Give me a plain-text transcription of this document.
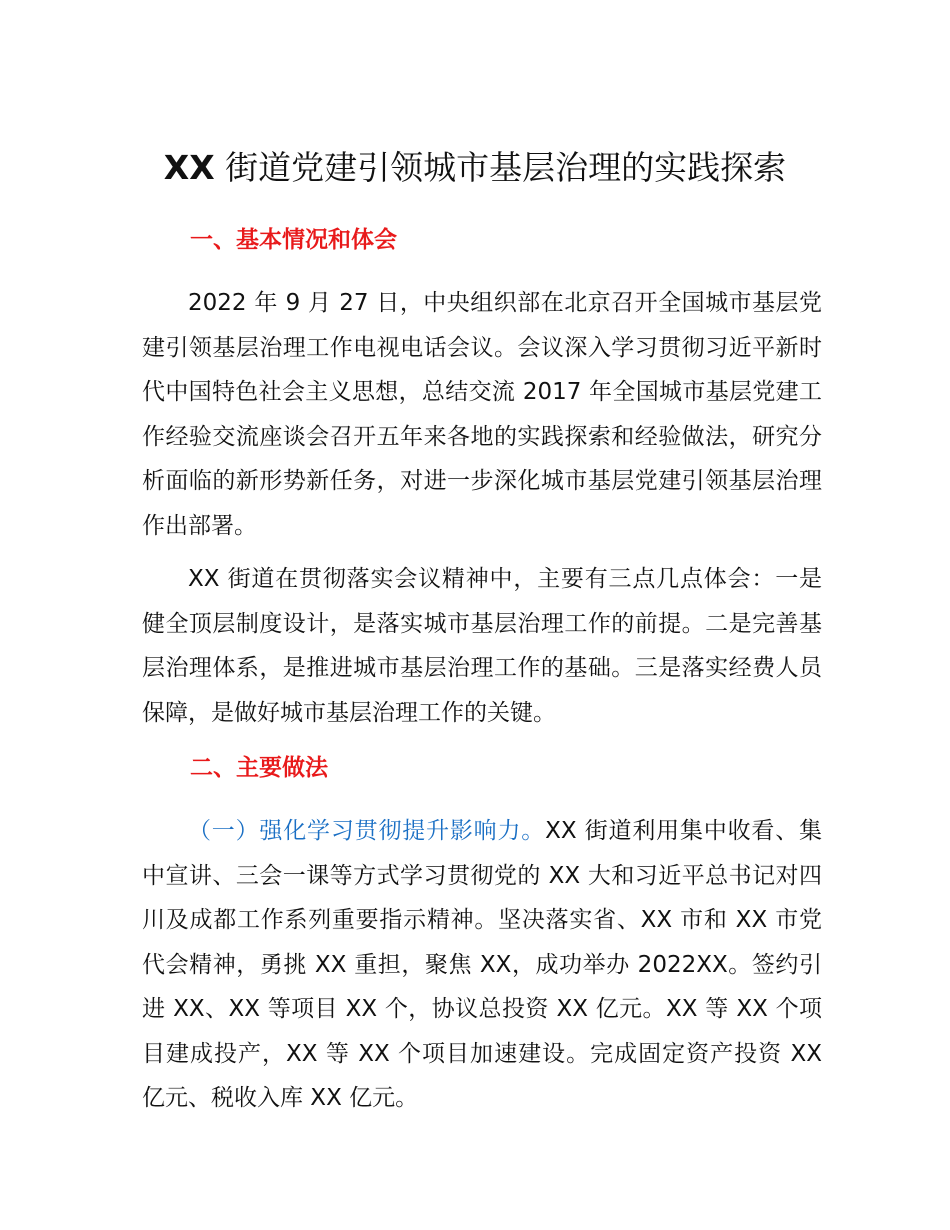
XX 街道党建引领城市基层治理的实践探索
一、基本情况和体会

2022 年 9 月 27 日，中央组织部在北京召开全国城市基层党建引领基层治理工作电视电话会议。会议深入学习贯彻习近平新时代中国特色社会主义思想，总结交流 2017 年全国城市基层党建工作经验交流座谈会召开五年来各地的实践探索和经验做法，研究分析面临的新形势新任务，对进一步深化城市基层党建引领基层治理作出部署。

XX 街道在贯彻落实会议精神中，主要有三点几点体会：一是健全顶层制度设计，是落实城市基层治理工作的前提。二是完善基层治理体系，是推进城市基层治理工作的基础。三是落实经费人员保障，是做好城市基层治理工作的关键。

二、主要做法

（一）强化学习贯彻提升影响力。XX 街道利用集中收看、集中宣讲、三会一课等方式学习贯彻党的 XX 大和习近平总书记对四川及成都工作系列重要指示精神。坚决落实省、XX 市和 XX 市党代会精神，勇挑 XX 重担，聚焦 XX，成功举办 2022XX。签约引进 XX、XX 等项目 XX 个，协议总投资 XX 亿元。XX 等 XX 个项目建成投产，XX 等 XX 个项目加速建设。完成固定资产投资 XX 亿元、税收入库 XX 亿元。
